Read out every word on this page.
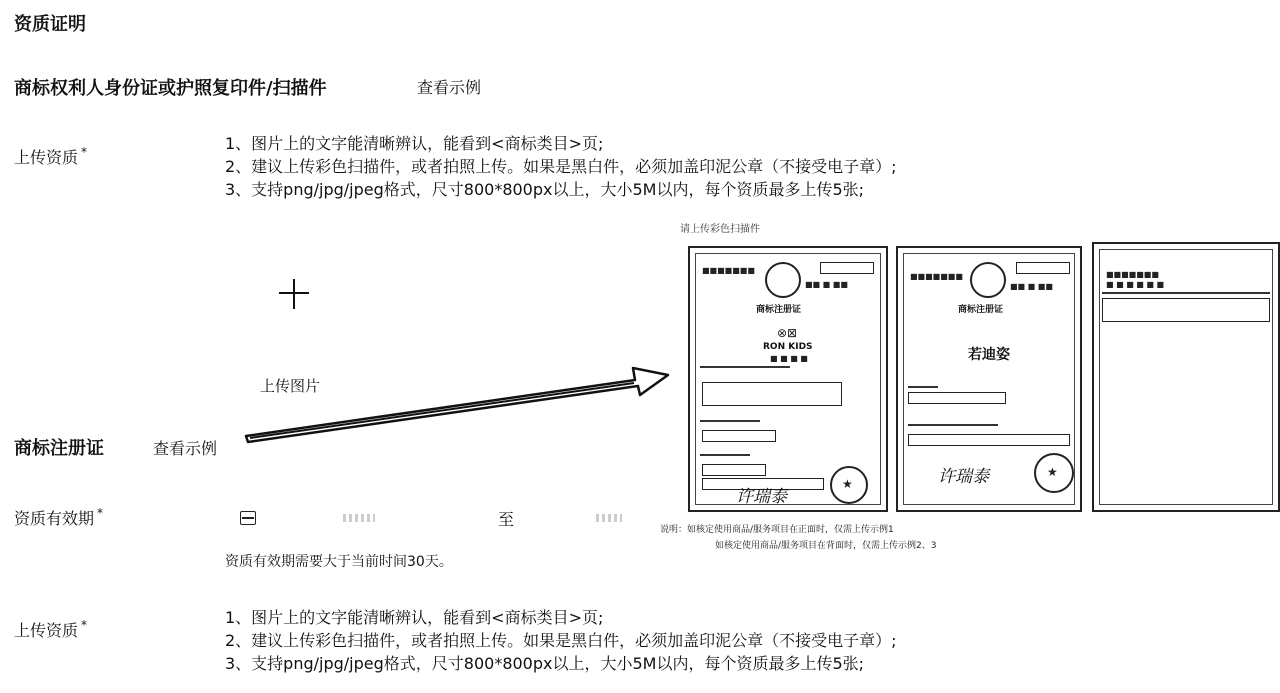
资质证明
商标权利人身份证或护照复印件/扫描件	查看示例
上传资质 *	1、图片上的文字能清晰辨认，能看到<商标类目>页;
2、建议上传彩色扫描件，或者拍照上传。如果是黑白件，必须加盖印泥公章（不接受电子章）;
3、支持png/jpg/jpeg格式，尺寸800*800px以上，大小5M以内，每个资质最多上传5张;
上传图片
商标注册证	查看示例
资质有效期 *	至
资质有效期需要大于当前时间30天。
上传资质 *	1、图片上的文字能清晰辨认，能看到<商标类目>页;
2、建议上传彩色扫描件，或者拍照上传。如果是黑白件，必须加盖印泥公章（不接受电子章）;
3、支持png/jpg/jpeg格式，尺寸800*800px以上，大小5M以内，每个资质最多上传5张;
请上传彩色扫描件
■■■■■■■
■■ ■ ■■
商标注册证
⊗⊠
RON KIDS
■ ■ ■ ■
许瑞泰
★
■■■■■■■
■■ ■ ■■
商标注册证
若迪姿
许瑞泰	★
■■■■■■■
■ ■ ■ ■ ■ ■
说明：如核定使用商品/服务项目在正面时，仅需上传示例1
如核定使用商品/服务项目在背面时，仅需上传示例2、3
